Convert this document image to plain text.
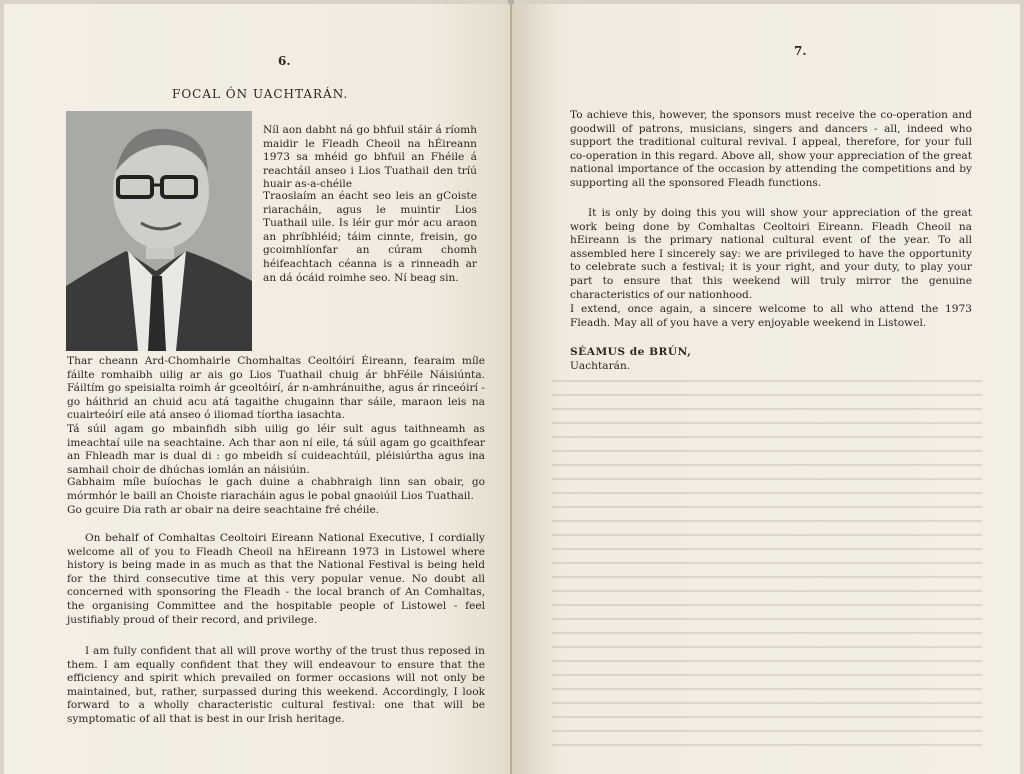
6.
FOCAL ÓN UACHTARÁN.

Níl aon dabht ná go bhfuil stáir á ríomh maidir le Fleadh Cheoil na hÉireann 1973 sa mhéid go bhfuil an Fhéile á reachtáil anseo i Lios Tuathail den tríú huair as-a-chéile

Traoslaím an éacht seo leis an gCoiste riaracháin, agus le muintir Lios Tuathail uile. Is léir gur mór acu araon an phríbhléid; táim cinnte, freisin, go gcoimhlíonfar an cúram chomh héifeachtach céanna is a rinneadh ar an dá ócáid roimhe seo. Ní beag sin.

Thar cheann Ard-Chomhairle Chomhaltas Ceoltóirí Éireann, fearaim míle fáilte romhaibh uilig ar ais go Lios Tuathail chuig ár bhFéile Náisiúnta. Fáiltím go speisialta roimh ár gceoltóirí, ár n-amhránuithe, agus ár rinceóirí - go háithrid an chuid acu atá tagaithe chugainn thar sáile, maraon leis na cuairteóirí eile atá anseo ó iliomad tíortha iasachta.

Tá súil agam go mbainfidh sibh uilig go léir sult agus taithneamh as imeachtaí uile na seachtaine. Ach thar aon ní eile, tá súil agam go gcaithfear an Fhleadh mar is dual di : go mbeidh sí cuideachtúil, pléisiúrtha agus ina samhail choir de dhúchas iomlán an náisiúin.

Gabhaim míle buíochas le gach duine a chabhraigh linn san obair, go mórmhór le baill an Choiste riaracháin agus le pobal gnaoiúil Lios Tuathail.

Go gcuire Dia rath ar obair na deire seachtaine fré chéile.

On behalf of Comhaltas Ceoltoiri Eireann National Executive, I cordially welcome all of you to Fleadh Cheoil na hEireann 1973 in Listowel where history is being made in as much as that the National Festival is being held for the third consecutive time at this very popular venue. No doubt all concerned with sponsoring the Fleadh - the local branch of An Comhaltas, the organising Committee and the hospitable people of Listowel - feel justifiably proud of their record, and privilege.

I am fully confident that all will prove worthy of the trust thus reposed in them. I am equally confident that they will endeavour to ensure that the efficiency and spirit which prevailed on former occasions will not only be maintained, but, rather, surpassed during this weekend. Accordingly, I look forward to a wholly characteristic cultural festival: one that will be symptomatic of all that is best in our Irish heritage.

7.

To achieve this, however, the sponsors must receive the co-operation and goodwill of patrons, musicians, singers and dancers - all, indeed who support the traditional cultural revival. I appeal, therefore, for your full co-operation in this regard. Above all, show your appreciation of the great national importance of the occasion by attending the competitions and by supporting all the sponsored Fleadh functions.

It is only by doing this you will show your appreciation of the great work being done by Comhaltas Ceoltoiri Eireann. Fleadh Cheoil na hEireann is the primary national cultural event of the year. To all assembled here I sincerely say: we are privileged to have the opportunity to celebrate such a festival; it is your right, and your duty, to play your part to ensure that this weekend will truly mirror the genuine characteristics of our nationhood.

I extend, once again, a sincere welcome to all who attend the 1973 Fleadh. May all of you have a very enjoyable weekend in Listowel.

SÉAMUS de BRÚN,
Uachtarán.
